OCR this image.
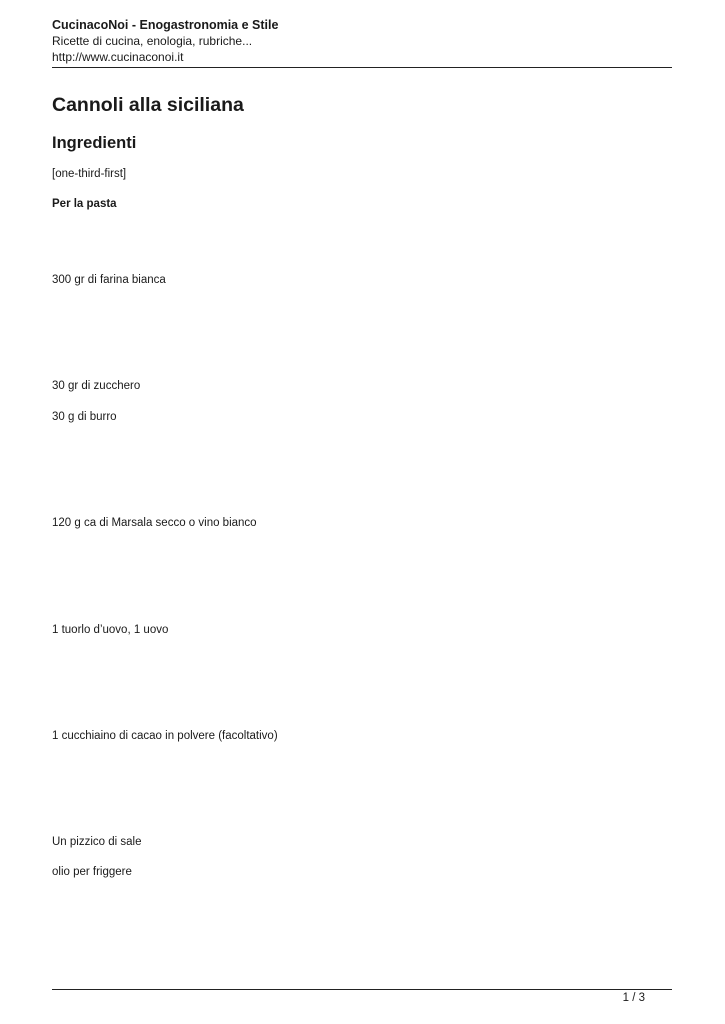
CucinacoNoi - Enogastronomia e Stile

Ricette di cucina, enologia, rubriche...

http://www.cucinaconoi.it

Cannoli alla siciliana
Ingredienti

[one-third-first]

Per la pasta

300 gr di farina bianca

30 gr di zucchero

30 g di burro

120 g ca di Marsala secco o vino bianco

1 tuorlo d’uovo, 1 uovo

1 cucchiaino di cacao in polvere (facoltativo)

Un pizzico di sale

olio per friggere

1 / 3
